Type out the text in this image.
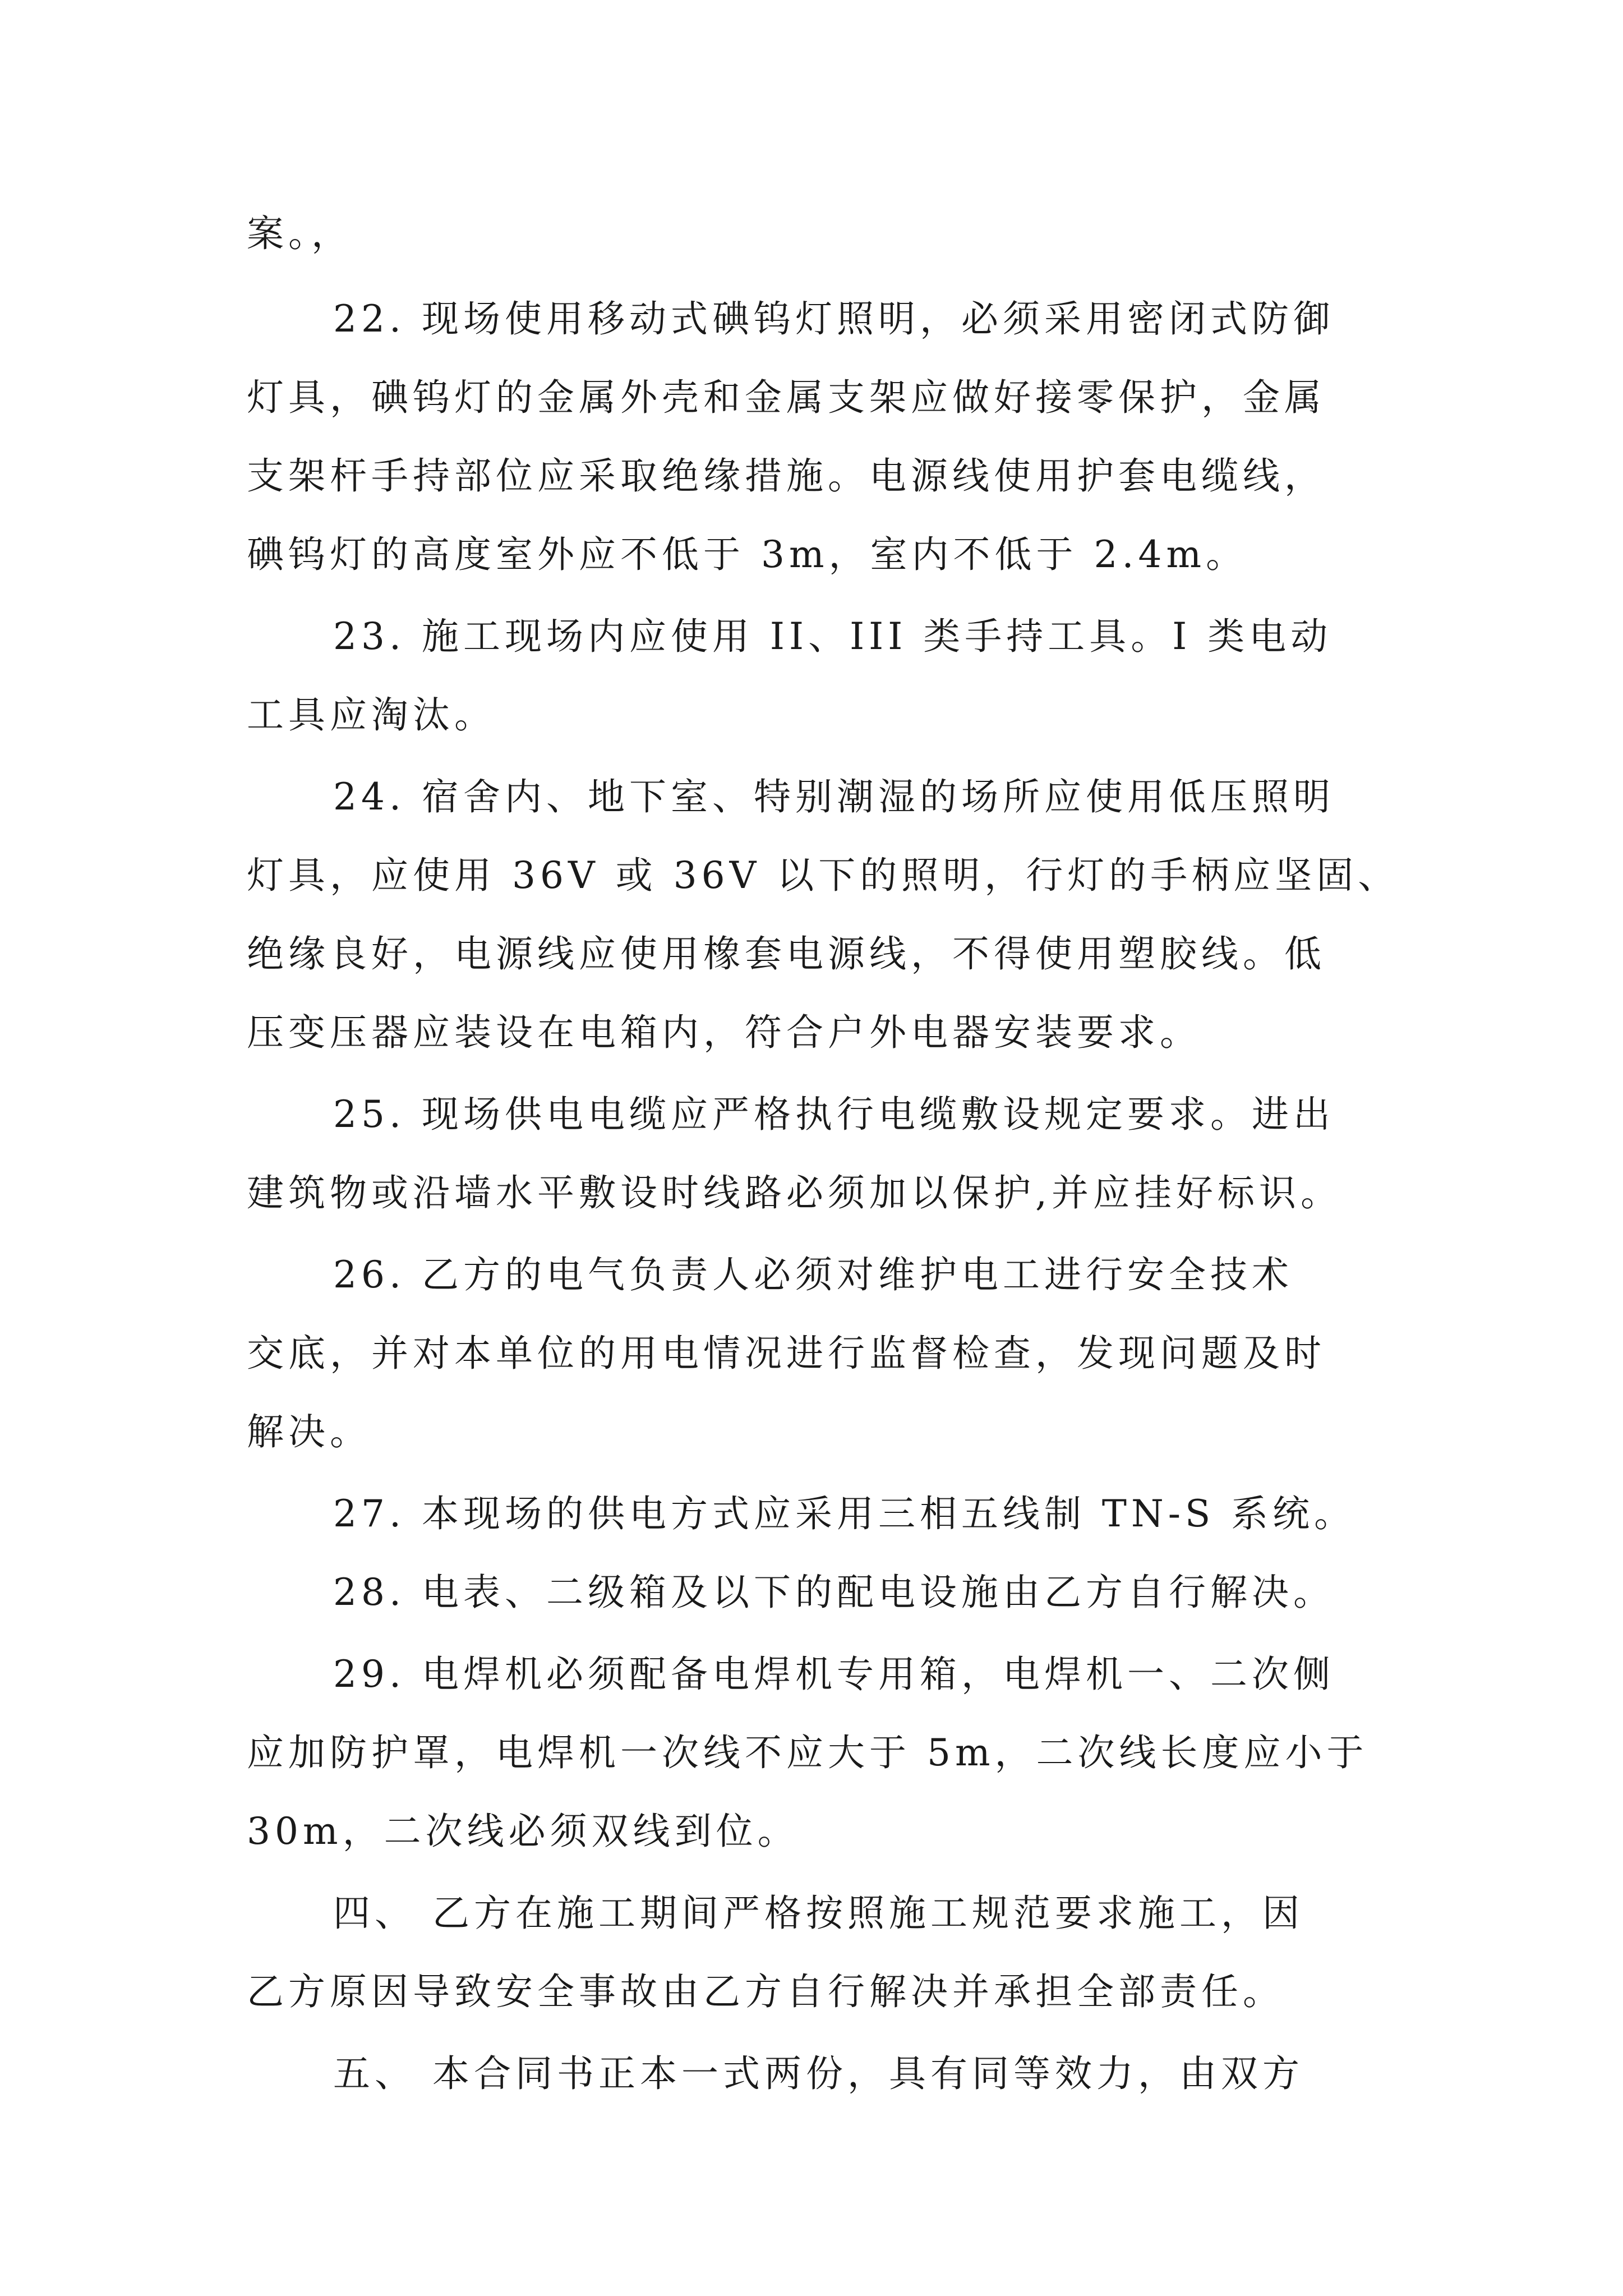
案。，
22. 现场使用移动式碘钨灯照明，必须采用密闭式防御
灯具，碘钨灯的金属外壳和金属支架应做好接零保护，金属
支架杆手持部位应采取绝缘措施。电源线使用护套电缆线，
碘钨灯的高度室外应不低于 3m，室内不低于 2.4m。
23. 施工现场内应使用 II、III 类手持工具。I 类电动
工具应淘汰。
24. 宿舍内、地下室、特别潮湿的场所应使用低压照明
灯具，应使用 36V 或 36V 以下的照明，行灯的手柄应坚固、
绝缘良好，电源线应使用橡套电源线，不得使用塑胶线。低
压变压器应装设在电箱内，符合户外电器安装要求。
25. 现场供电电缆应严格执行电缆敷设规定要求。进出
建筑物或沿墙水平敷设时线路必须加以保护,并应挂好标识。
26. 乙方的电气负责人必须对维护电工进行安全技术
交底，并对本单位的用电情况进行监督检查，发现问题及时
解决。
27. 本现场的供电方式应采用三相五线制 TN-S 系统。
28. 电表、二级箱及以下的配电设施由乙方自行解决。
29. 电焊机必须配备电焊机专用箱，电焊机一、二次侧
应加防护罩，电焊机一次线不应大于 5m，二次线长度应小于
30m，二次线必须双线到位。
四、 乙方在施工期间严格按照施工规范要求施工，因
乙方原因导致安全事故由乙方自行解决并承担全部责任。
五、 本合同书正本一式两份，具有同等效力，由双方
